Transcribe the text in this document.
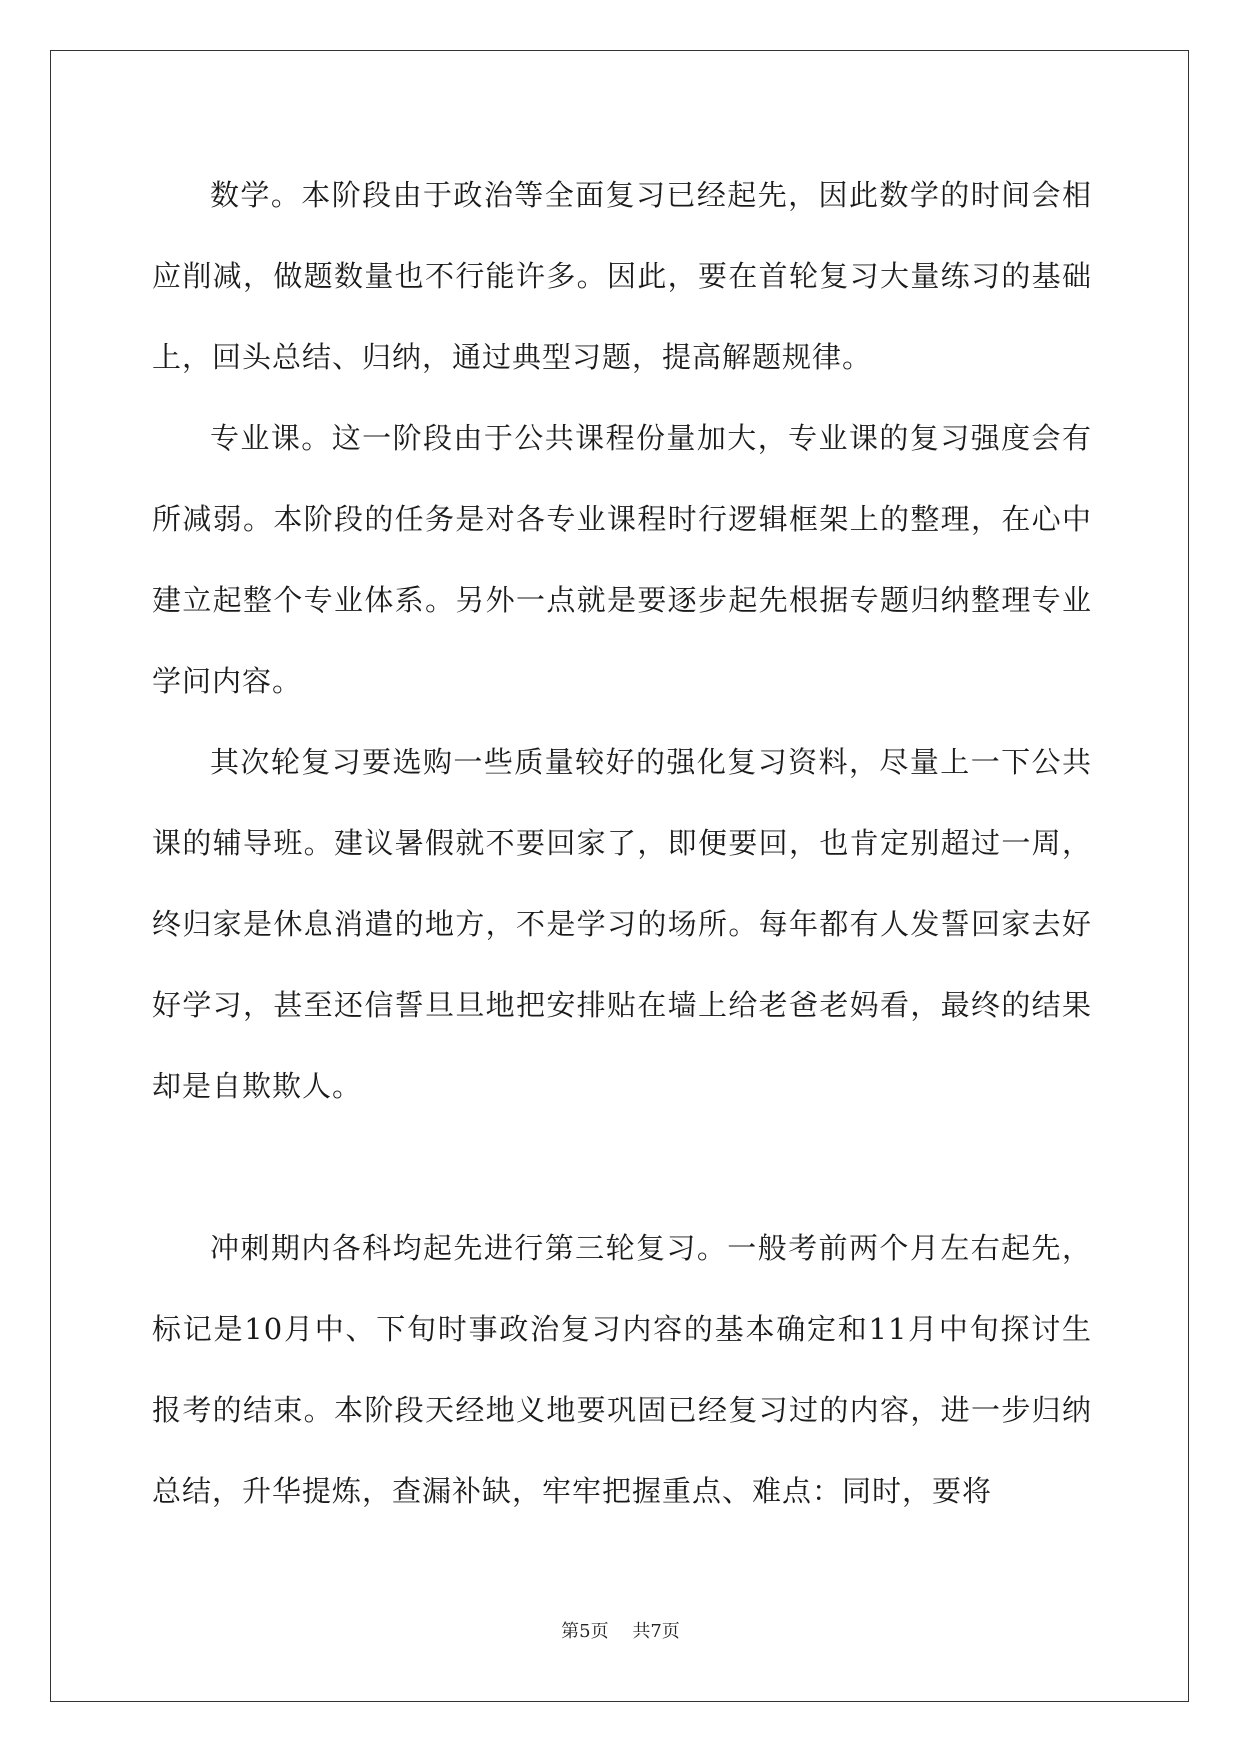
数学。本阶段由于政治等全面复习已经起先，因此数学的时间会相应削减，做题数量也不行能许多。因此，要在首轮复习大量练习的基础上，回头总结、归纳，通过典型习题，提高解题规律。

专业课。这一阶段由于公共课程份量加大，专业课的复习强度会有所减弱。本阶段的任务是对各专业课程时行逻辑框架上的整理，在心中建立起整个专业体系。另外一点就是要逐步起先根据专题归纳整理专业学问内容。

其次轮复习要选购一些质量较好的强化复习资料，尽量上一下公共课的辅导班。建议暑假就不要回家了，即便要回，也肯定别超过一周，终归家是休息消遣的地方，不是学习的场所。每年都有人发誓回家去好好学习，甚至还信誓旦旦地把安排贴在墙上给老爸老妈看，最终的结果却是自欺欺人。

冲刺期内各科均起先进行第三轮复习。一般考前两个月左右起先，标记是10月中、下旬时事政治复习内容的基本确定和11月中旬探讨生报考的结束。本阶段天经地义地要巩固已经复习过的内容，进一步归纳总结，升华提炼，查漏补缺，牢牢把握重点、难点：同时，要将

第5页 共7页
